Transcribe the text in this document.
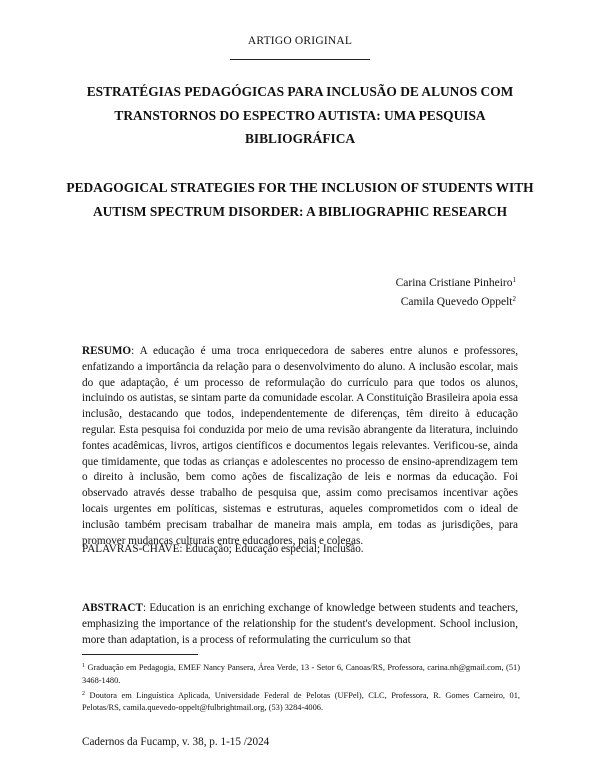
ARTIGO ORIGINAL
ESTRATÉGIAS PEDAGÓGICAS PARA INCLUSÃO DE ALUNOS COM TRANSTORNOS DO ESPECTRO AUTISTA: UMA PESQUISA BIBLIOGRÁFICA
PEDAGOGICAL STRATEGIES FOR THE INCLUSION OF STUDENTS WITH AUTISM SPECTRUM DISORDER: A BIBLIOGRAPHIC RESEARCH
Carina Cristiane Pinheiro$^1$
Camila Quevedo Oppelt$^2$
RESUMO: A educação é uma troca enriquecedora de saberes entre alunos e professores, enfatizando a importância da relação para o desenvolvimento do aluno. A inclusão escolar, mais do que adaptação, é um processo de reformulação do currículo para que todos os alunos, incluindo os autistas, se sintam parte da comunidade escolar. A Constituição Brasileira apoia essa inclusão, destacando que todos, independentemente de diferenças, têm direito à educação regular. Esta pesquisa foi conduzida por meio de uma revisão abrangente da literatura, incluindo fontes acadêmicas, livros, artigos científicos e documentos legais relevantes. Verificou-se, ainda que timidamente, que todas as crianças e adolescentes no processo de ensino-aprendizagem tem o direito à inclusão, bem como ações de fiscalização de leis e normas da educação. Foi observado através desse trabalho de pesquisa que, assim como precisamos incentivar ações locais urgentes em políticas, sistemas e estruturas, aqueles comprometidos com o ideal de inclusão também precisam trabalhar de maneira mais ampla, em todas as jurisdições, para promover mudanças culturais entre educadores, pais e colegas.
PALAVRAS-CHAVE: Educação; Educação especial; Inclusão.
ABSTRACT: Education is an enriching exchange of knowledge between students and teachers, emphasizing the importance of the relationship for the student's development. School inclusion, more than adaptation, is a process of reformulating the curriculum so that

$^1$ Graduação em Pedagogia, EMEF Nancy Pansera, Área Verde, 13 - Setor 6, Canoas/RS, Professora, carina.nh@gmail.com, (51) 3468-1480.

$^2$ Doutora em Linguística Aplicada, Universidade Federal de Pelotas (UFPel), CLC, Professora, R. Gomes Carneiro, 01, Pelotas/RS, camila.quevedo-oppelt@fulbrightmail.org, (53) 3284-4006.

Cadernos da Fucamp, v. 38, p. 1-15 /2024
